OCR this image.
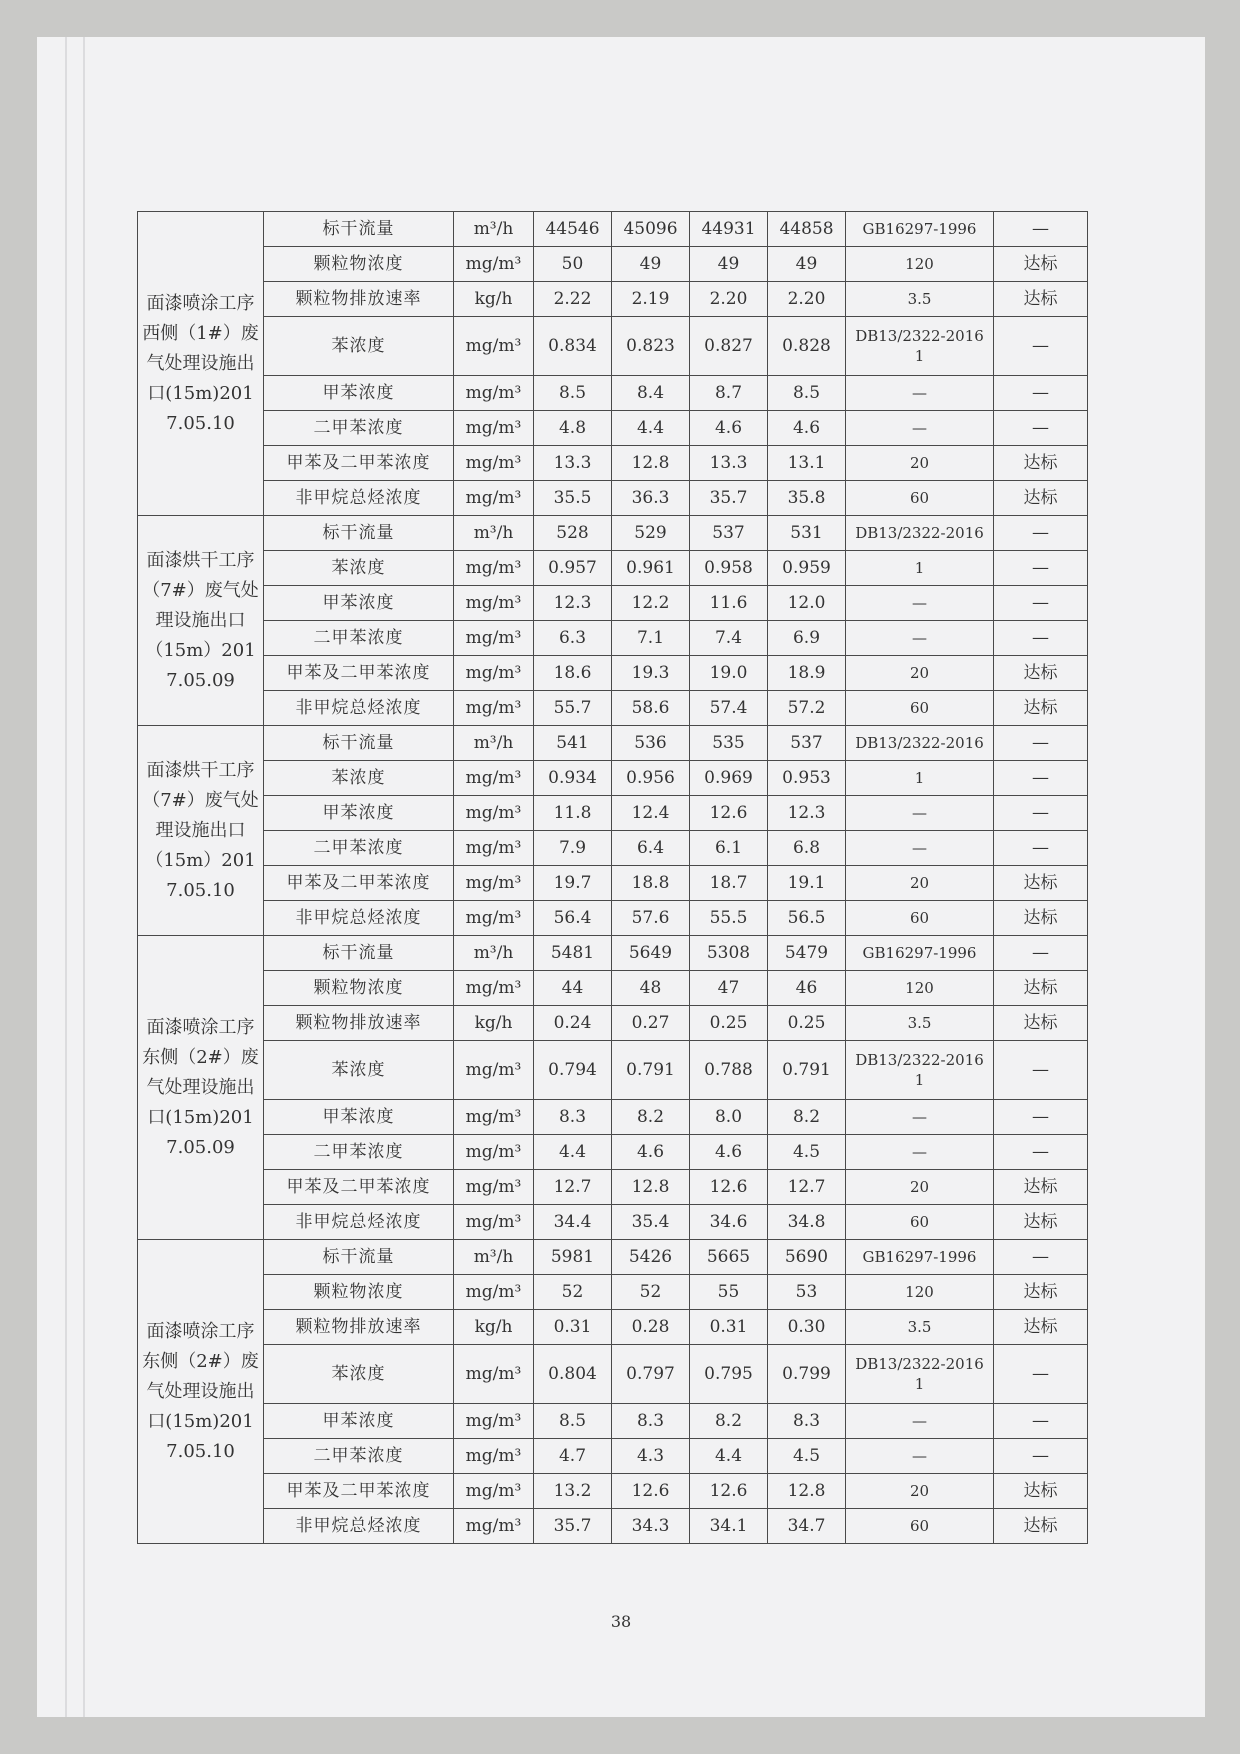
面漆喷涂工序西侧（1#）废气处理设施出口(15m)2017.05.10	标干流量	m³/h	44546	45096	44931	44858	GB16297-1996	—
	颗粒物浓度	mg/m³	50	49	49	49	120	达标
	颗粒物排放速率	kg/h	2.22	2.19	2.20	2.20	3.5	达标
	苯浓度	mg/m³	0.834	0.823	0.827	0.828	DB13/2322-2016 1	—
	甲苯浓度	mg/m³	8.5	8.4	8.7	8.5	—	—
	二甲苯浓度	mg/m³	4.8	4.4	4.6	4.6	—	—
	甲苯及二甲苯浓度	mg/m³	13.3	12.8	13.3	13.1	20	达标
	非甲烷总烃浓度	mg/m³	35.5	36.3	35.7	35.8	60	达标
面漆烘干工序（7#）废气处理设施出口（15m）2017.05.09	标干流量	m³/h	528	529	537	531	DB13/2322-2016	—
	苯浓度	mg/m³	0.957	0.961	0.958	0.959	1	—
	甲苯浓度	mg/m³	12.3	12.2	11.6	12.0	—	—
	二甲苯浓度	mg/m³	6.3	7.1	7.4	6.9	—	—
	甲苯及二甲苯浓度	mg/m³	18.6	19.3	19.0	18.9	20	达标
	非甲烷总烃浓度	mg/m³	55.7	58.6	57.4	57.2	60	达标
面漆烘干工序（7#）废气处理设施出口（15m）2017.05.10	标干流量	m³/h	541	536	535	537	DB13/2322-2016	—
	苯浓度	mg/m³	0.934	0.956	0.969	0.953	1	—
	甲苯浓度	mg/m³	11.8	12.4	12.6	12.3	—	—
	二甲苯浓度	mg/m³	7.9	6.4	6.1	6.8	—	—
	甲苯及二甲苯浓度	mg/m³	19.7	18.8	18.7	19.1	20	达标
	非甲烷总烃浓度	mg/m³	56.4	57.6	55.5	56.5	60	达标
面漆喷涂工序东侧（2#）废气处理设施出口(15m)2017.05.09	标干流量	m³/h	5481	5649	5308	5479	GB16297-1996	—
	颗粒物浓度	mg/m³	44	48	47	46	120	达标
	颗粒物排放速率	kg/h	0.24	0.27	0.25	0.25	3.5	达标
	苯浓度	mg/m³	0.794	0.791	0.788	0.791	DB13/2322-2016 1	—
	甲苯浓度	mg/m³	8.3	8.2	8.0	8.2	—	—
	二甲苯浓度	mg/m³	4.4	4.6	4.6	4.5	—	—
	甲苯及二甲苯浓度	mg/m³	12.7	12.8	12.6	12.7	20	达标
	非甲烷总烃浓度	mg/m³	34.4	35.4	34.6	34.8	60	达标
面漆喷涂工序东侧（2#）废气处理设施出口(15m)2017.05.10	标干流量	m³/h	5981	5426	5665	5690	GB16297-1996	—
	颗粒物浓度	mg/m³	52	52	55	53	120	达标
	颗粒物排放速率	kg/h	0.31	0.28	0.31	0.30	3.5	达标
	苯浓度	mg/m³	0.804	0.797	0.795	0.799	DB13/2322-2016 1	—
	甲苯浓度	mg/m³	8.5	8.3	8.2	8.3	—	—
	二甲苯浓度	mg/m³	4.7	4.3	4.4	4.5	—	—
	甲苯及二甲苯浓度	mg/m³	13.2	12.6	12.6	12.8	20	达标
	非甲烷总烃浓度	mg/m³	35.7	34.3	34.1	34.7	60	达标
38
